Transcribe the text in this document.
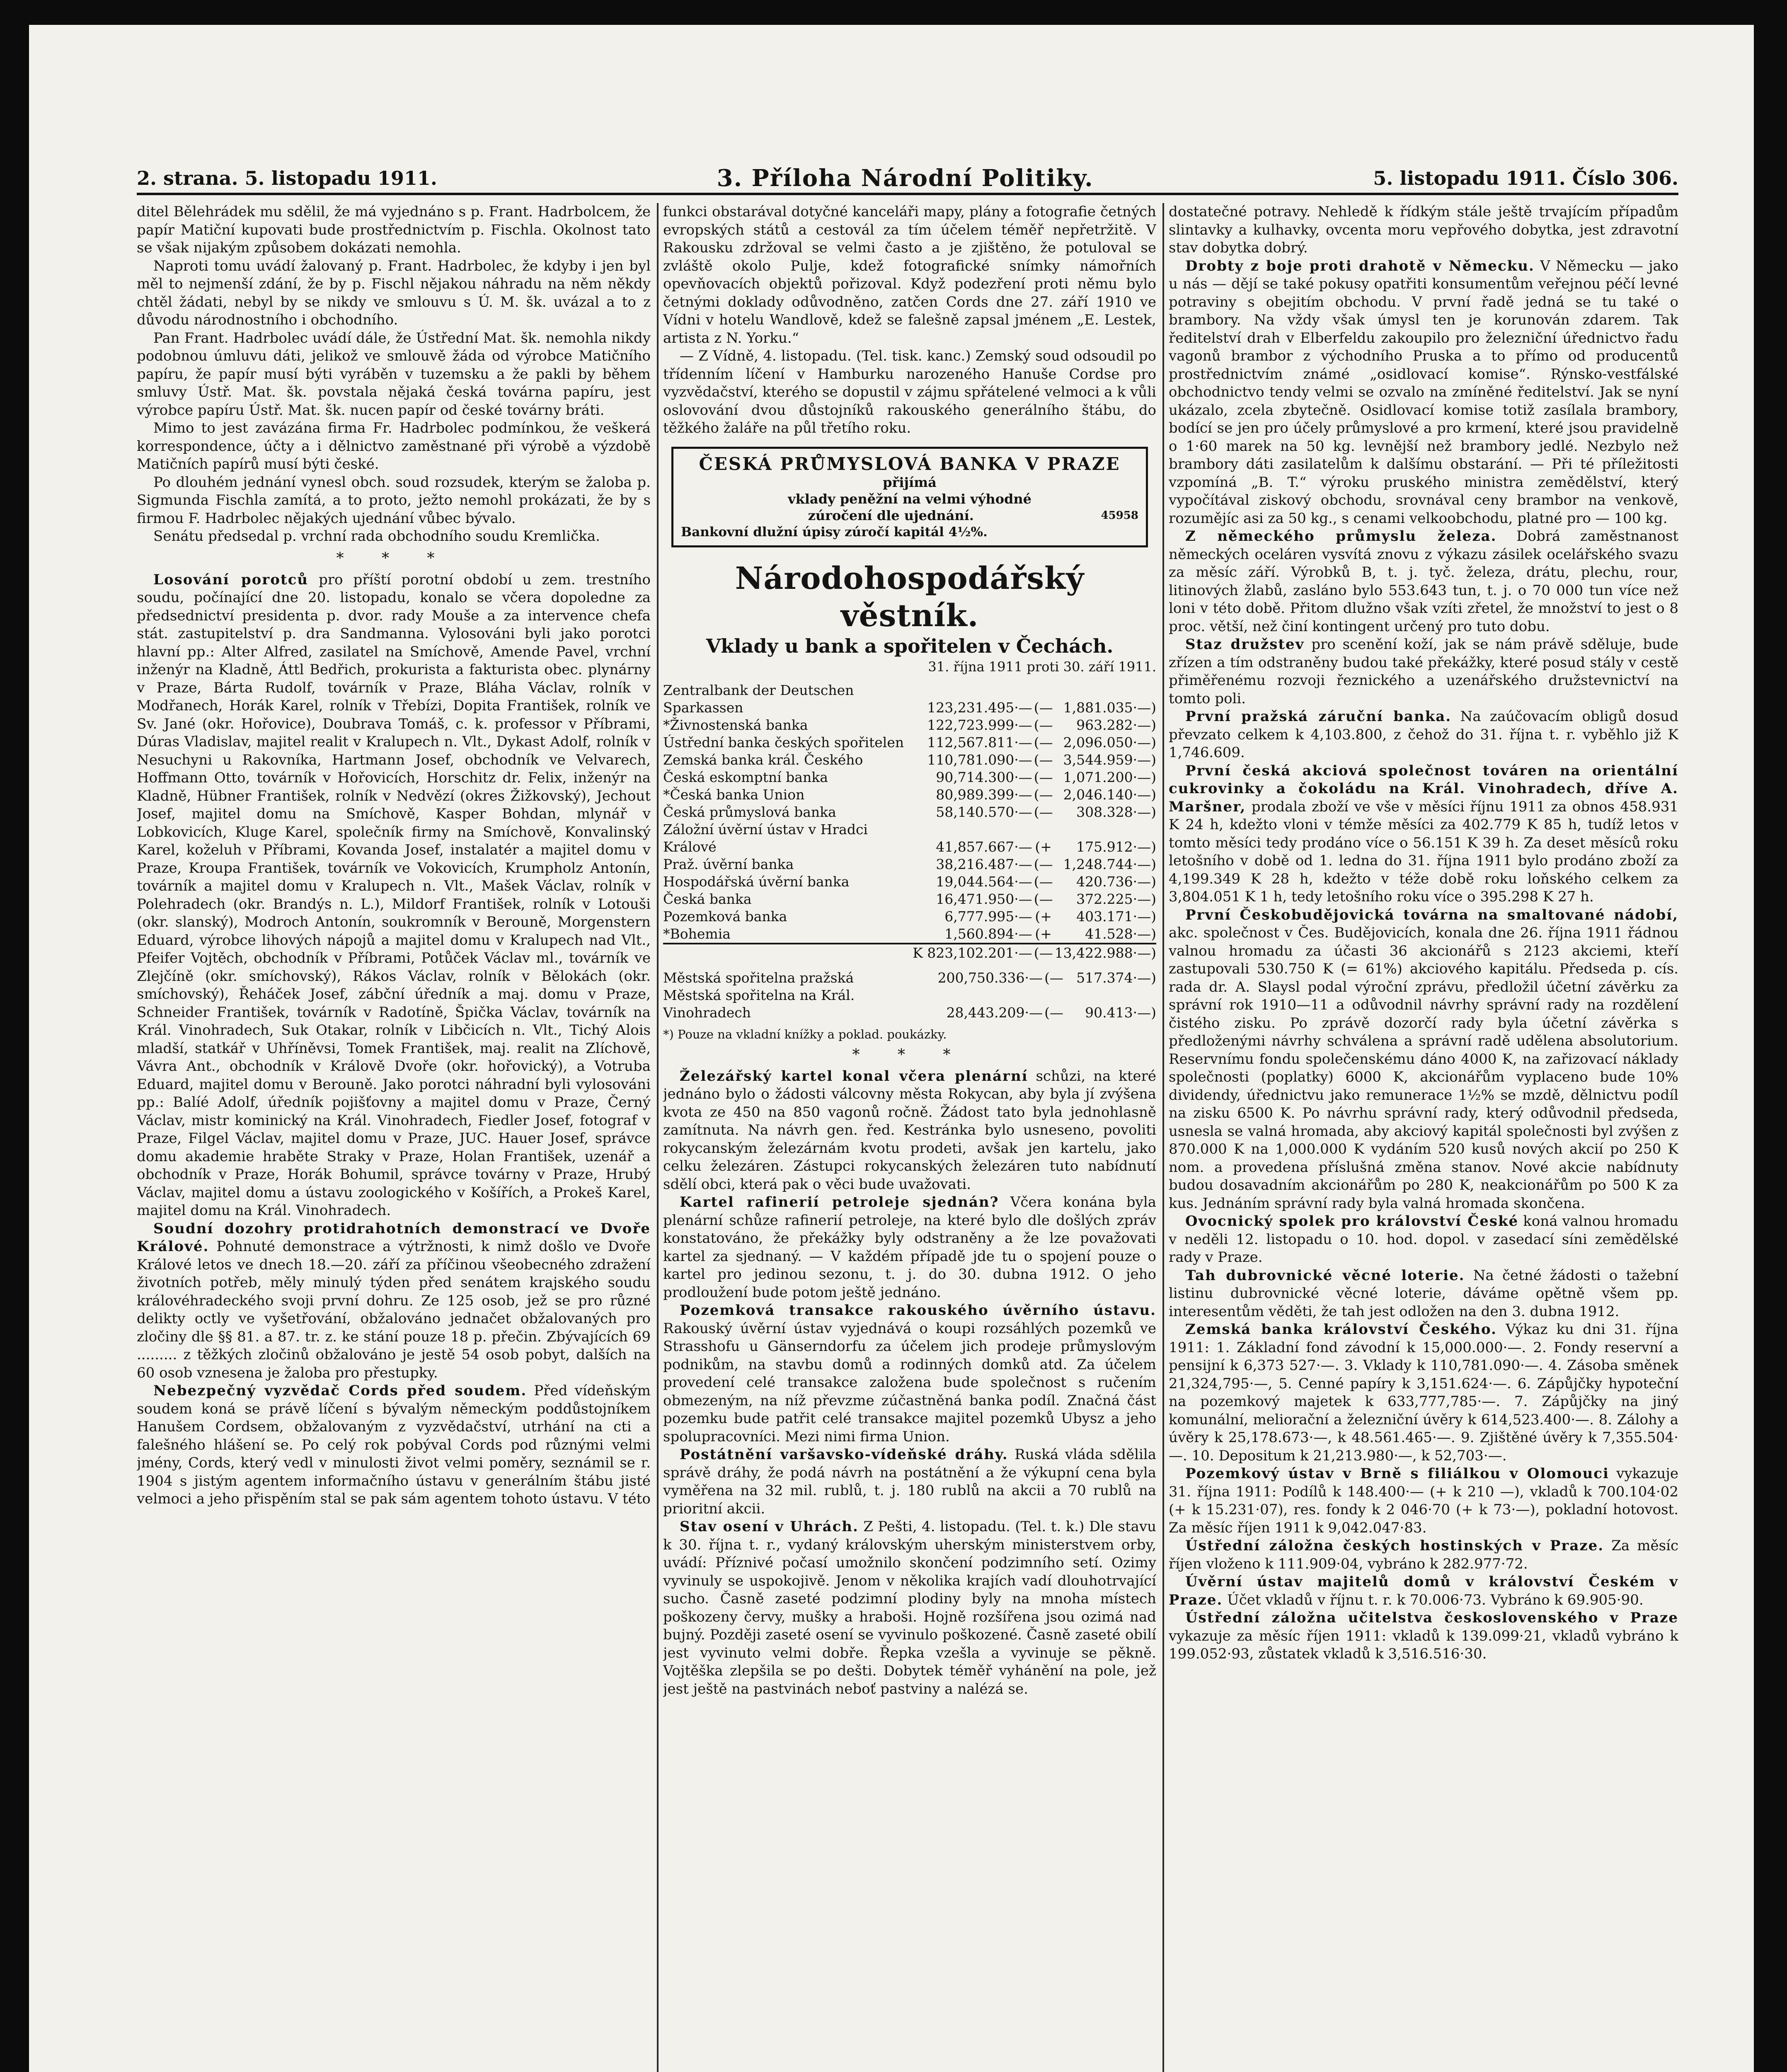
2. strana. 5. listopadu 1911.	3. Příloha Národní Politiky.	5. listopadu 1911. Číslo 306.

ditel Bělehrádek mu sdělil, že má vyjednáno s p. Frant. Hadrbolcem, že papír Matiční kupovati bude prostřednictvím p. Fischla. Okolnost tato se však nijakým způsobem dokázati nemohla.

Naproti tomu uvádí žalovaný p. Frant. Hadrbolec, že kdyby i jen byl měl to nejmenší zdání, že by p. Fischl nějakou náhradu na něm někdy chtěl žádati, nebyl by se nikdy ve smlouvu s Ú. M. šk. uvázal a to z důvodu národnostního i obchodního.

Pan Frant. Hadrbolec uvádí dále, že Ústřední Mat. šk. nemohla nikdy podobnou úmluvu dáti, jelikož ve smlouvě žáda od výrobce Matičního papíru, že papír musí býti vyráběn v tuzemsku a že pakli by během smluvy Ústř. Mat. šk. povstala nějaká česká továrna papíru, jest výrobce papíru Ústř. Mat. šk. nucen papír od české továrny bráti.

Mimo to jest zavázána firma Fr. Hadrbolec podmínkou, že veškerá korrespondence, účty a i dělnictvo zaměstnané při výrobě a výzdobě Matičních papírů musí býti české.

Po dlouhém jednání vynesl obch. soud rozsudek, kterým se žaloba p. Sigmunda Fischla zamítá, a to proto, ježto nemohl prokázati, že by s firmou F. Hadrbolec nějakých ujednání vůbec bývalo.

Senátu předsedal p. vrchní rada obchodního soudu Kremlička.

* * *

Losování porotců pro příští porotní období u zem. trestního soudu, počínající dne 20. listopadu, konalo se včera dopoledne za předsednictví presidenta p. dvor. rady Mouše a za intervence chefa stát. zastupitelství p. dra Sandmanna. Vylosováni byli jako porotci hlavní pp.: Alter Alfred, zasilatel na Smíchově, Amende Pavel, vrchní inženýr na Kladně, Áttl Bedřich, prokurista a fakturista obec. plynárny v Praze, Bárta Rudolf, továrník v Praze, Bláha Václav, rolník v Modřanech, Horák Karel, rolník v Třebízi, Dopita František, rolník ve Sv. Jané (okr. Hořovice), Doubrava Tomáš, c. k. professor v Příbrami, Dúras Vladislav, majitel realit v Kralupech n. Vlt., Dykast Adolf, rolník v Nesuchyni u Rakovníka, Hartmann Josef, obchodník ve Velvarech, Hoffmann Otto, továrník v Hořovicích, Horschitz dr. Felix, inženýr na Kladně, Hübner František, rolník v Nedvězí (okres Žižkovský), Jechout Josef, majitel domu na Smíchově, Kasper Bohdan, mlynář v Lobkovicích, Kluge Karel, společník firmy na Smíchově, Konvalinský Karel, koželuh v Příbrami, Kovanda Josef, instalatér a majitel domu v Praze, Kroupa František, továrník ve Vokovicích, Krumpholz Antonín, továrník a majitel domu v Kralupech n. Vlt., Mašek Václav, rolník v Polehradech (okr. Brandýs n. L.), Mildorf František, rolník v Lotouši (okr. slanský), Modroch Antonín, soukromník v Berouně, Morgenstern Eduard, výrobce lihových nápojů a majitel domu v Kralupech nad Vlt., Pfeifer Vojtěch, obchodník v Příbrami, Potůček Václav ml., továrník ve Zlejčíně (okr. smíchovský), Rákos Václav, rolník v Bělokách (okr. smíchovský), Řeháček Josef, zábční úředník a maj. domu v Praze, Schneider František, továrník v Radotíně, Špička Václav, továrník na Král. Vinohradech, Suk Otakar, rolník v Libčicích n. Vlt., Tichý Alois mladší, statkář v Uhříněvsi, Tomek František, maj. realit na Zlíchově, Vávra Ant., obchodník v Králově Dvoře (okr. hořovický), a Votruba Eduard, majitel domu v Berouně. Jako porotci náhradní byli vylosováni pp.: Balíé Adolf, úředník pojišťovny a majitel domu v Praze, Černý Václav, mistr kominický na Král. Vinohradech, Fiedler Josef, fotograf v Praze, Filgel Václav, majitel domu v Praze, JUC. Hauer Josef, správce domu akademie hraběte Straky v Praze, Holan František, uzenář a obchodník v Praze, Horák Bohumil, správce továrny v Praze, Hrubý Václav, majitel domu a ústavu zoologického v Košířích, a Prokeš Karel, majitel domu na Král. Vinohradech.

Soudní dozohry protidrahotních demonstrací ve Dvoře Králové. Pohnuté demonstrace a výtržnosti, k nimž došlo ve Dvoře Králové letos ve dnech 18.—20. září za příčinou všeobecného zdražení životních potřeb, měly minulý týden před senátem krajského soudu královéhradeckého svoji první dohru. Ze 125 osob, jež se pro různé delikty octly ve vyšetřování, obžalováno jednačet obžalovaných pro zločiny dle §§ 81. a 87. tr. z. ke stání pouze 18 p. přečin. Zbývajících 69 ......... z těžkých zločinů obžalováno je jestě 54 osob pobyt, dalších na 60 osob vznesena je žaloba pro přestupky.

Nebezpečný vyzvědač Cords před soudem. Před vídeňským soudem koná se právě líčení s bývalým německým poddůstojníkem Hanušem Cordsem, obžalovaným z vyzvědačství, utrhání na cti a falešného hlášení se. Po celý rok pobýval Cords pod různými velmi jmény, Cords, který vedl v minulosti život velmi poměry, seznámil se r. 1904 s jistým agentem informačního ústavu v generálním štábu jisté velmoci a jeho přispěním stal se pak sám agentem tohoto ústavu. V této

funkci obstarával dotyčné kanceláři mapy, plány a fotografie četných evropských států a cestovál za tím účelem téměř nepřetržitě. V Rakousku zdržoval se velmi často a je zjištěno, že potuloval se zvláště okolo Pulje, kdež fotografické snímky námořních opevňovacích objektů pořizoval. Když podezření proti němu bylo četnými doklady odůvodněno, zatčen Cords dne 27. září 1910 ve Vídni v hotelu Wandlově, kdež se falešně zapsal jménem „E. Lestek, artista z N. Yorku.“

— Z Vídně, 4. listopadu. (Tel. tisk. kanc.) Zemský soud odsoudil po třídenním líčení v Hamburku narozeného Hanuše Cordse pro vyzvědačství, kterého se dopustil v zájmu spřátelené velmoci a k vůli oslovování dvou důstojníků rakouského generálního štábu, do těžkého žaláře na půl třetího roku.

ČESKÁ PRŮMYSLOVÁ BANKA V PRAZE
přijímá
vklady peněžní na velmi výhodné
zúročení dle ujednání.	45958
Bankovní dlužní úpisy zúročí kapitál 4½%.
Národohospodářský věstník.
Vklady u bank a spořitelen v Čechách.
31. října 1911 proti 30. září 1911.
Zentralbank der Deutschen Sparkassen	123,231.495·—	(—	1,881.035·—)
*Živnostenská banka	122,723.999·—	(—	963.282·—)
Ústřední banka českých spořitelen	112,567.811·—	(—	2,096.050·—)
Zemská banka král. Českého	110,781.090·—	(—	3,544.959·—)
Česká eskomptní banka	90,714.300·—	(—	1,071.200·—)
*Česká banka Union	80,989.399·—	(—	2,046.140·—)
Česká průmyslová banka	58,140.570·—	(—	308.328·—)
Záložní úvěrní ústav v Hradci Králové	41,857.667·—	(+	175.912·—)
Praž. úvěrní banka	38,216.487·—	(—	1,248.744·—)
Hospodářská úvěrní banka	19,044.564·—	(—	420.736·—)
Česká banka	16,471.950·—	(—	372.225·—)
Pozemková banka	6,777.995·—	(+	403.171·—)
*Bohemia	1,560.894·—	(+	41.528·—)
	K 823,102.201·—	(—	13,422.988·—)
Městská spořitelna pražská	200,750.336·—	(—	517.374·—)
Městská spořitelna na Král. Vinohradech	28,443.209·—	(—	90.413·—)
*) Pouze na vkladní knížky a poklad. poukázky.
* * *

Železářský kartel konal včera plenární schůzi, na které jednáno bylo o žádosti válcovny města Rokycan, aby byla jí zvýšena kvota ze 450 na 850 vagonů ročně. Žádost tato byla jednohlasně zamítnuta. Na návrh gen. řed. Kestránka bylo usneseno, povoliti rokycanským železárnám kvotu prodeti, avšak jen kartelu, jako celku železáren. Zástupci rokycanských železáren tuto nabídnutí sdělí obci, která pak o věci bude uvažovati.

Kartel rafinerií petroleje sjednán? Včera konána byla plenární schůze rafinerií petroleje, na které bylo dle došlých zpráv konstatováno, že překážky byly odstraněny a že lze považovati kartel za sjednaný. — V každém případě jde tu o spojení pouze o kartel pro jedinou sezonu, t. j. do 30. dubna 1912. O jeho prodloužení bude potom ještě jednáno.

Pozemková transakce rakouského úvěrního ústavu. Rakouský úvěrní ústav vyjednává o koupi rozsáhlých pozemků ve Strasshofu u Gänserndorfu za účelem jich prodeje průmyslovým podnikům, na stavbu domů a rodinných domků atd. Za účelem provedení celé transakce založena bude společnost s ručením obmezeným, na níž převzme zúčastněná banka podíl. Značná část pozemku bude patřit celé transakce majitel pozemků Ubysz a jeho spolupracovníci. Mezi nimi firma Union.

Postátnění varšavsko-vídeňské dráhy. Ruská vláda sdělila správě dráhy, že podá návrh na postátnění a že výkupní cena byla vyměřena na 32 mil. rublů, t. j. 180 rublů na akcii a 70 rublů na prioritní akcii.

Stav osení v Uhrách. Z Pešti, 4. listopadu. (Tel. t. k.) Dle stavu k 30. října t. r., vydaný královským uherským ministerstvem orby, uvádí: Příznivé počasí umožnilo skončení podzimního setí. Ozimy vyvinuly se uspokojivě. Jenom v několika krajích vadí dlouhotrvající sucho. Časně zaseté podzimní plodiny byly na mnoha místech poškozeny červy, mušky a hraboši. Hojně rozšířena jsou ozimá nad bujný. Později zaseté osení se vyvinulo poškozené. Časně zaseté obilí jest vyvinuto velmi dobře. Řepka vzešla a vyvinuje se pěkně. Vojtěška zlepšila se po dešti. Dobytek téměř vyhánění na pole, jež jest ještě na pastvinách neboť pastviny a nalézá se.

dostatečné potravy. Nehledě k řídkým stále ještě trvajícím případům slintavky a kulhavky, ovcenta moru vepřového dobytka, jest zdravotní stav dobytka dobrý.

Drobty z boje proti drahotě v Německu. V Německu — jako u nás — dějí se také pokusy opatřiti konsumentům veřejnou péčí levné potraviny s obejitím obchodu. V první řadě jedná se tu také o brambory. Na vždy však úmysl ten je korunován zdarem. Tak ředitelství drah v Elberfeldu zakoupilo pro železniční úřednictvo řadu vagonů brambor z východního Pruska a to přímo od producentů prostřednictvím známé „osidlovací komise“. Rýnsko-vestfálské obchodnictvo tendy velmi se ozvalo na zmíněné ředitelství. Jak se nyní ukázalo, zcela zbytečně. Osidlovací komise totiž zasílala brambory, bodící se jen pro účely průmyslové a pro krmení, které jsou pravidelně o 1·60 marek na 50 kg. levnější než brambory jedlé. Nezbylo než brambory dáti zasilatelům k dalšímu obstarání. — Při té příležitosti vzpomíná „B. T.“ výroku pruského ministra zemědělství, který vypočítával ziskový obchodu, srovnával ceny brambor na venkově, rozumějíc asi za 50 kg., s cenami velkoobchodu, platné pro — 100 kg.

Z německého průmyslu železa. Dobrá zaměstnanost německých oceláren vysvítá znovu z výkazu zásilek ocelářského svazu za měsíc září. Výrobků B, t. j. tyč. železa, drátu, plechu, rour, litinových žlabů, zasláno bylo 553.643 tun, t. j. o 70 000 tun více než loni v této době. Přitom dlužno však vzíti zřetel, že množství to jest o 8 proc. větší, než činí kontingent určený pro tuto dobu.

Staz družstev pro scenění koží, jak se nám právě sděluje, bude zřízen a tím odstraněny budou také překážky, které posud stály v cestě přiměřenému rozvoji řeznického a uzenářského družstevnictví na tomto poli.

První pražská záruční banka. Na zaúčovacím obligů dosud převzato celkem k 4,103.800, z čehož do 31. října t. r. vyběhlo již K 1,746.609.

První česká akciová společnost továren na orientální cukrovinky a čokoládu na Král. Vinohradech, dříve A. Maršner, prodala zboží ve vše v měsíci říjnu 1911 za obnos 458.931 K 24 h, kdežto vloni v témže měsíci za 402.779 K 85 h, tudíž letos v tomto měsíci tedy prodáno více o 56.151 K 39 h. Za deset měsíců roku letošního v době od 1. ledna do 31. října 1911 bylo prodáno zboží za 4,199.349 K 28 h, kdežto v téže době roku loňského celkem za 3,804.051 K 1 h, tedy letošního roku více o 395.298 K 27 h.

První Českobudějovická továrna na smaltované nádobí, akc. společnost v Čes. Budějovicích, konala dne 26. října 1911 řádnou valnou hromadu za účasti 36 akcionářů s 2123 akciemi, kteří zastupovali 530.750 K (= 61%) akciového kapitálu. Předseda p. cís. rada dr. A. Slaysl podal výroční zprávu, předložil účetní závěrku za správní rok 1910—11 a odůvodnil návrhy správní rady na rozdělení čistého zisku. Po zprávě dozorčí rady byla účetní závěrka s předloženými návrhy schválena a správní radě udělena absolutorium. Reservnímu fondu společenskému dáno 4000 K, na zařizovací náklady společnosti (poplatky) 6000 K, akcionářům vyplaceno bude 10% dividendy, úřednictvu jako remunerace 1½% se mzdě, dělnictvu podíl na zisku 6500 K. Po návrhu správní rady, který odůvodnil předseda, usnesla se valná hromada, aby akciový kapitál společnosti byl zvýšen z 870.000 K na 1,000.000 K vydáním 520 kusů nových akcií po 250 K nom. a provedena příslušná změna stanov. Nové akcie nabídnuty budou dosavadním akcionářům po 280 K, neakcionářům po 500 K za kus. Jednáním správní rady byla valná hromada skončena.

Ovocnický spolek pro království České koná valnou hromadu v neděli 12. listopadu o 10. hod. dopol. v zasedací síni zemědělské rady v Praze.

Tah dubrovnické věcné loterie. Na četné žádosti o tažební listinu dubrovnické věcné loterie, dáváme opětně všem pp. interesentům věděti, že tah jest odložen na den 3. dubna 1912.

Zemská banka království Českého. Výkaz ku dni 31. října 1911: 1. Základní fond závodní k 15,000.000·—. 2. Fondy reservní a pensijní k 6,373 527·—. 3. Vklady k 110,781.090·—. 4. Zásoba směnek 21,324,795·—, 5. Cenné papíry k 3,151.624·—. 6. Zápůjčky hypoteční na pozemkový majetek k 633,777,785·—. 7. Zápůjčky na jiný komunální, meliorační a železniční úvěry k 614,523.400·—. 8. Zálohy a úvěry k 25,178.673·—, k 48.561.465·—. 9. Zjištěné úvěry k 7,355.504·—. 10. Depositum k 21,213.980·—, k 52,703·—.

Pozemkový ústav v Brně s filiálkou v Olomouci vykazuje 31. října 1911: Podílů k 148.400·— (+ k 210 —), vkladů k 700.104·02 (+ k 15.231·07), res. fondy k 2 046·70 (+ k 73·—), pokladní hotovost. Za měsíc říjen 1911 k 9,042.047·83.

Ústřední záložna českých hostinských v Praze. Za měsíc říjen vloženo k 111.909·04, vybráno k 282.977·72.

Úvěrní ústav majitelů domů v království Českém v Praze. Účet vkladů v říjnu t. r. k 70.006·73. Vybráno k 69.905·90.

Ústřední záložna učitelstva československého v Praze vykazuje za měsíc říjen 1911: vkladů k 139.099·21, vkladů vybráno k 199.052·93, zůstatek vkladů k 3,516.516·30.
